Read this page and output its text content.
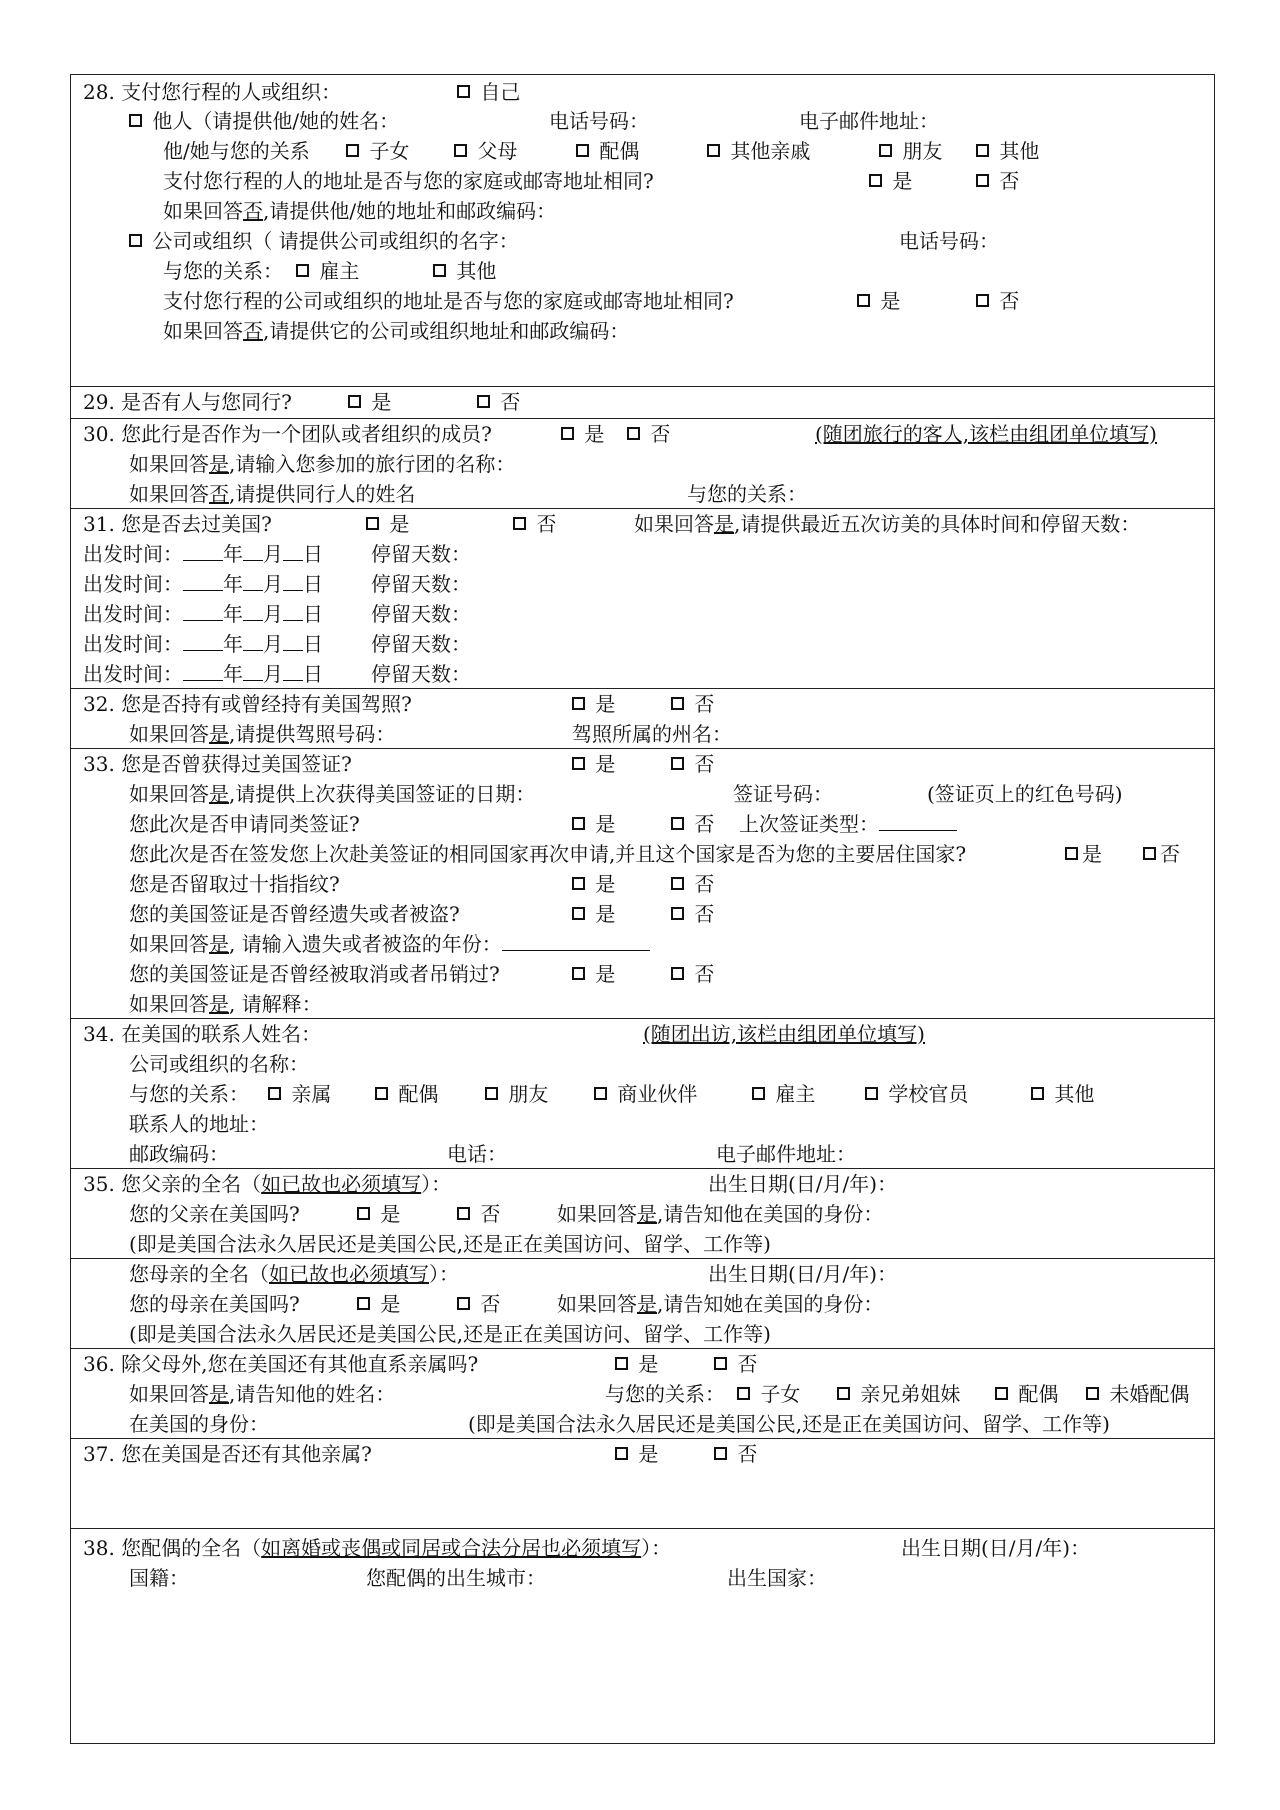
28. 支付您行程的人或组织：	自己
他人（请提供他/她的姓名：	电话号码：	电子邮件地址：
他/她与您的关系	子女	父母	配偶	其他亲戚	朋友	其他
支付您行程的人的地址是否与您的家庭或邮寄地址相同?	是	否
如果回答否,请提供他/她的地址和邮政编码：
公司或组织（ 请提供公司或组织的名字：	电话号码：
与您的关系：	雇主	其他
支付您行程的公司或组织的地址是否与您的家庭或邮寄地址相同?	是	否
如果回答否,请提供它的公司或组织地址和邮政编码：
29. 是否有人与您同行?	是	否
30. 您此行是否作为一个团队或者组织的成员?	是	否	(随团旅行的客人,该栏由组团单位填写)
如果回答是,请输入您参加的旅行团的名称：
如果回答否,请提供同行人的姓名	与您的关系：
31. 您是否去过美国?	是	否	如果回答是,请提供最近五次访美的具体时间和停留天数：
出发时间：	年	月	日 停留天数：
出发时间：	年	月	日 停留天数：
出发时间：	年	月	日 停留天数：
出发时间：	年	月	日 停留天数：
出发时间：	年	月	日 停留天数：
32. 您是否持有或曾经持有美国驾照?	是	否
如果回答是,请提供驾照号码：	驾照所属的州名：
33. 您是否曾获得过美国签证?	是	否
如果回答是,请提供上次获得美国签证的日期：	签证号码：	(签证页上的红色号码)
您此次是否申请同类签证?	是	否 上次签证类型：
您此次是否在签发您上次赴美签证的相同国家再次申请,并且这个国家是否为您的主要居住国家?	是	否
您是否留取过十指指纹?	是	否
您的美国签证是否曾经遗失或者被盗?	是	否
如果回答是, 请输入遗失或者被盗的年份：
您的美国签证是否曾经被取消或者吊销过?	是	否
如果回答是, 请解释：
34. 在美国的联系人姓名：	(随团出访,该栏由组团单位填写)
公司或组织的名称：
与您的关系：	亲属	配偶	朋友	商业伙伴	雇主	学校官员	其他
联系人的地址：
邮政编码：	电话：	电子邮件地址：
35. 您父亲的全名（如已故也必须填写）：	出生日期(日/月/年)：
您的父亲在美国吗?	是	否	如果回答是,请告知他在美国的身份：
(即是美国合法永久居民还是美国公民,还是正在美国访问、留学、工作等)
您母亲的全名（如已故也必须填写）：	出生日期(日/月/年)：
您的母亲在美国吗?	是	否	如果回答是,请告知她在美国的身份：
(即是美国合法永久居民还是美国公民,还是正在美国访问、留学、工作等)
36. 除父母外,您在美国还有其他直系亲属吗?	是	否
如果回答是,请告知他的姓名：	与您的关系：	子女	亲兄弟姐妹	配偶	未婚配偶
在美国的身份：	(即是美国合法永久居民还是美国公民,还是正在美国访问、留学、工作等)
37. 您在美国是否还有其他亲属?	是	否
38. 您配偶的全名（如离婚或丧偶或同居或合法分居也必须填写）：	出生日期(日/月/年)：
国籍：	您配偶的出生城市：	出生国家：
